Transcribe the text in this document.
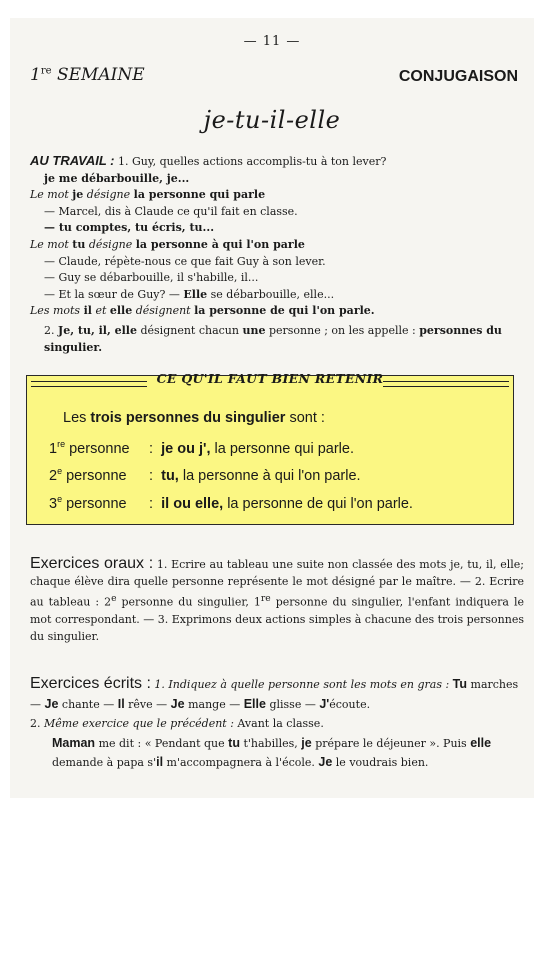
— 11 —
1re SEMAINE	CONJUGAISON
je-tu-il-elle

AU TRAVAIL : 1. Guy, quelles actions accomplis-tu à ton lever?

je me débarbouille, je...

Le mot je désigne la personne qui parle

— Marcel, dis à Claude ce qu'il fait en classe.

— tu comptes, tu écris, tu...

Le mot tu désigne la personne à qui l'on parle

— Claude, répète-nous ce que fait Guy à son lever.

— Guy se débarbouille, il s'habille, il...

— Et la sœur de Guy? — Elle se débarbouille, elle...

Les mots il et elle désignent la personne de qui l'on parle.

2. Je, tu, il, elle désignent chacun une personne ; on les appelle : personnes du singulier.

CE QU'IL FAUT BIEN RETENIR
Les trois personnes du singulier sont :
1re personne : je ou j', la personne qui parle.
2e personne : tu, la personne à qui l'on parle.
3e personne : il ou elle, la personne de qui l'on parle.

Exercices oraux : 1. Ecrire au tableau une suite non classée des mots je, tu, il, elle; chaque élève dira quelle personne représente le mot désigné par le maître. — 2. Ecrire au tableau : 2e personne du singulier, 1re personne du singulier, l'enfant indiquera le mot correspondant. — 3. Exprimons deux actions simples à chacune des trois personnes du singulier.

Exercices écrits : 1. Indiquez à quelle personne sont les mots en gras : Tu marches — Je chante — Il rêve — Je mange — Elle glisse — J'écoute.

2. Même exercice que le précédent : Avant la classe.

Maman me dit : « Pendant que tu t'habilles, je prépare le déjeuner ». Puis elle demande à papa s'il m'accompagnera à l'école. Je le voudrais bien.
